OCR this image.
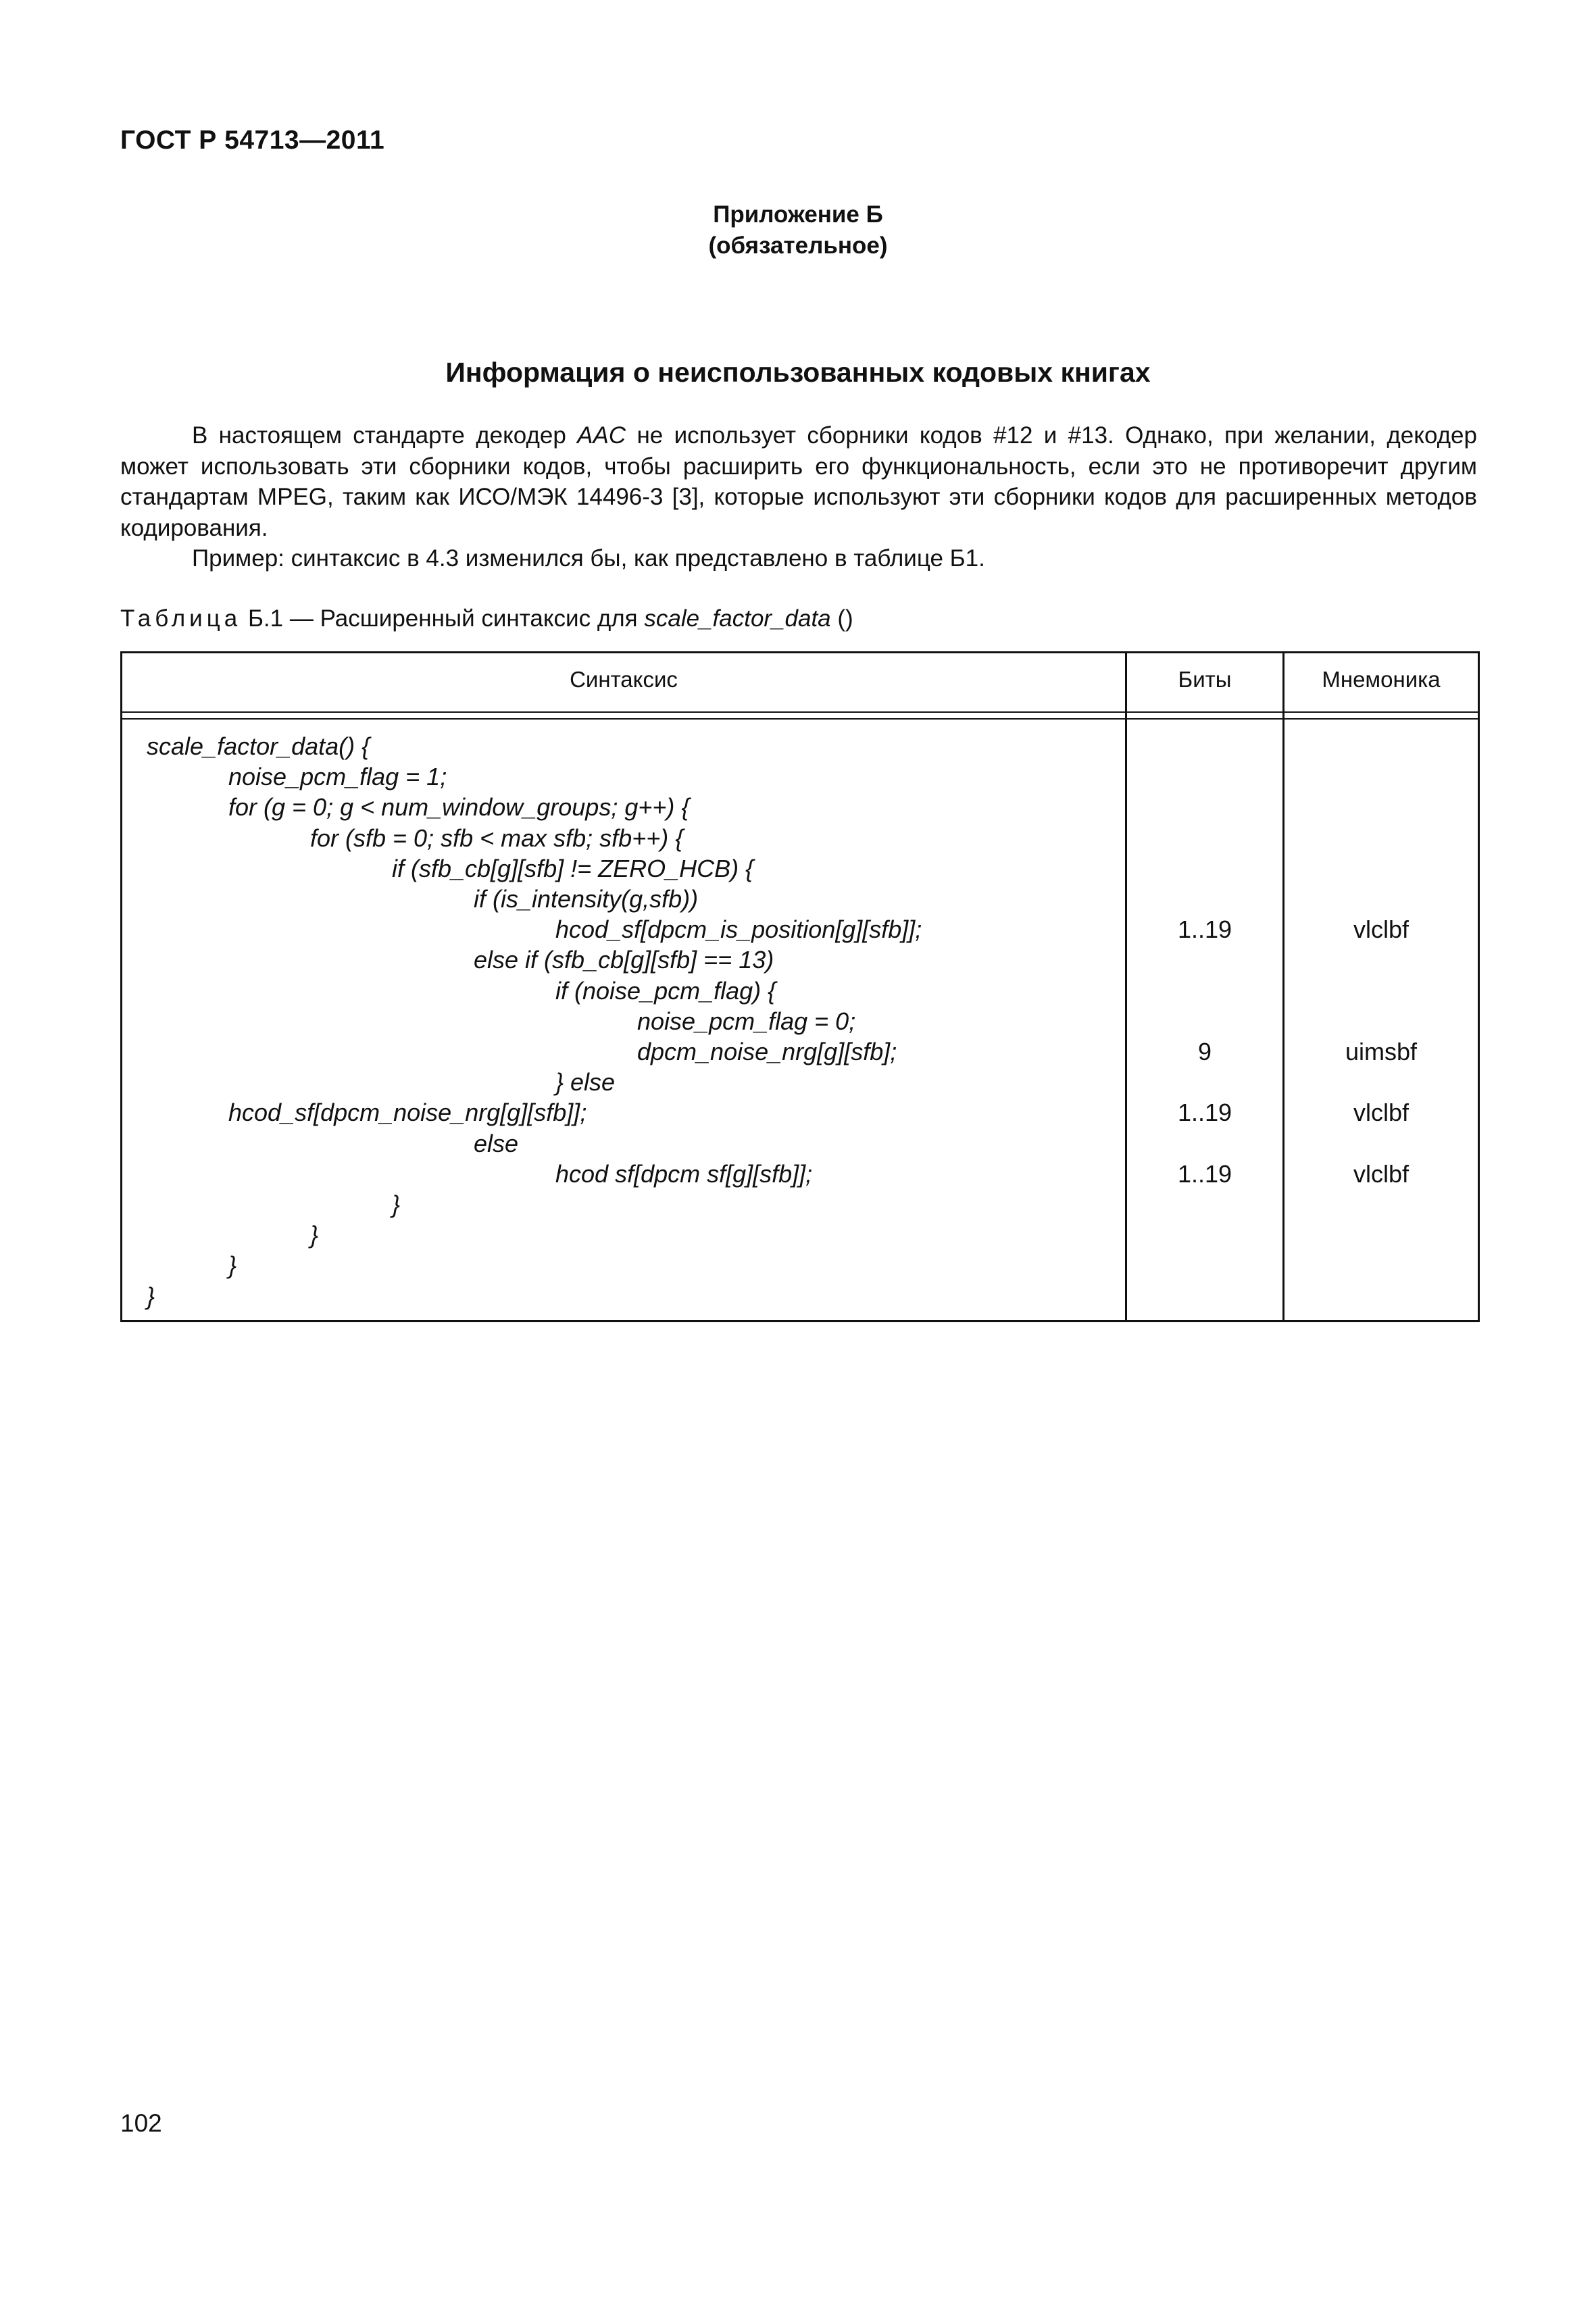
ГОСТ Р 54713—2011
Приложение Б
(обязательное)
Информация о неиспользованных кодовых книгах

В настоящем стандарте декодер AAC не использует сборники кодов #12 и #13. Однако, при желании, декодер может использовать эти сборники кодов, чтобы расширить его функциональность, если это не противоречит другим стандартам MPEG, таким как ИСО/МЭК 14496-3 [3], которые используют эти сборники кодов для расширенных методов кодирования.

Пример: синтаксис в 4.3 изменился бы, как представлено в таблице Б1.

Таблица Б.1 — Расширенный синтаксис для scale_factor_data ()
Синтаксис	Биты	Мнемоника
scale_factor_data() {
noise_pcm_flag = 1;
for (g = 0; g < num_window_groups; g++) {
for (sfb = 0; sfb < max sfb; sfb++) {
if (sfb_cb[g][sfb] != ZERO_HCB) {
if (is_intensity(g,sfb))
hcod_sf[dpcm_is_position[g][sfb]];	1..19	vlclbf
else if (sfb_cb[g][sfb] == 13)
if (noise_pcm_flag) {
noise_pcm_flag = 0;
dpcm_noise_nrg[g][sfb];	9	uimsbf
} else
hcod_sf[dpcm_noise_nrg[g][sfb]];	1..19	vlclbf
else
hcod sf[dpcm sf[g][sfb]];	1..19	vlclbf
}
}
}
}
102
